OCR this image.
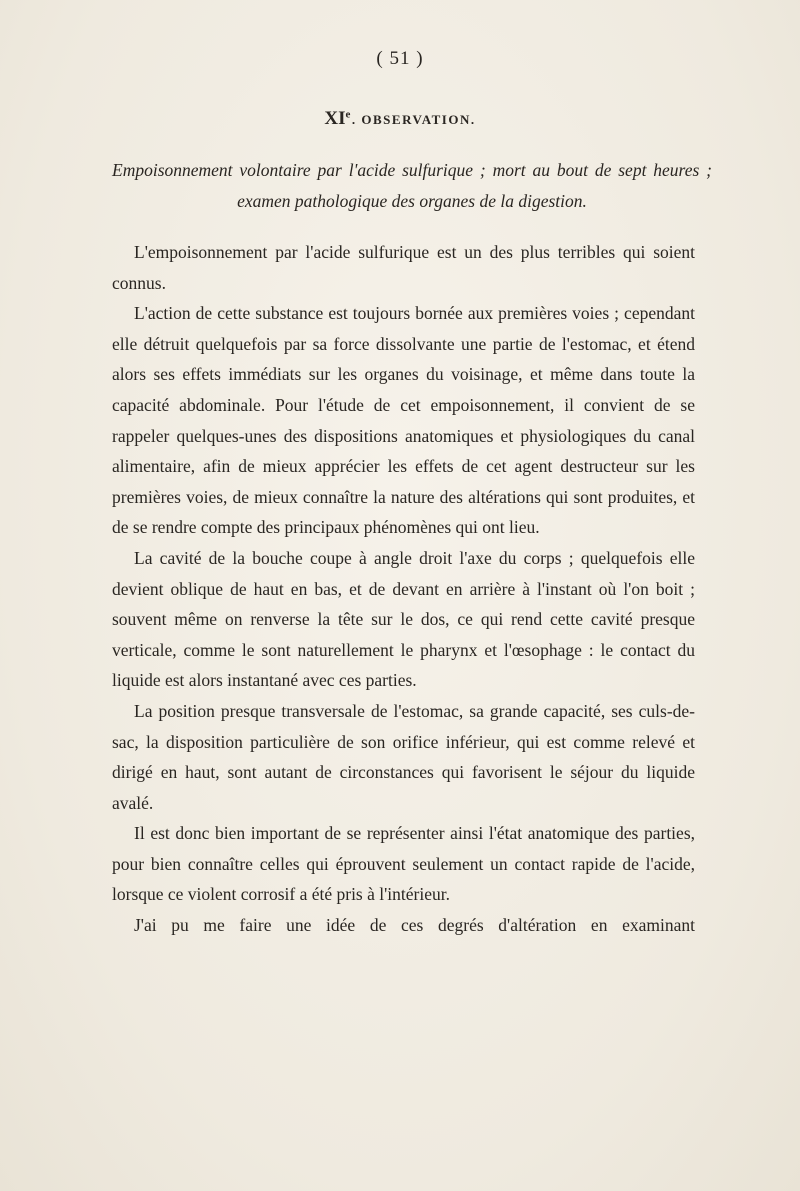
( 51 )
XIe. OBSERVATION.
Empoisonnement volontaire par l'acide sulfurique ; mort au bout de sept heures ; examen pathologique des organes de la digestion.

L'empoisonnement par l'acide sulfurique est un des plus terribles qui soient connus.

L'action de cette substance est toujours bornée aux premières voies ; cependant elle détruit quelquefois par sa force dissolvante une partie de l'estomac, et étend alors ses effets immédiats sur les organes du voisinage, et même dans toute la capacité abdominale. Pour l'étude de cet empoisonnement, il convient de se rappeler quelques-unes des dispositions anatomiques et physiologiques du canal alimentaire, afin de mieux apprécier les effets de cet agent destructeur sur les premières voies, de mieux connaître la nature des altérations qui sont produites, et de se rendre compte des principaux phénomènes qui ont lieu.

La cavité de la bouche coupe à angle droit l'axe du corps ; quelquefois elle devient oblique de haut en bas, et de devant en arrière à l'instant où l'on boit ; souvent même on renverse la tête sur le dos, ce qui rend cette cavité presque verticale, comme le sont naturellement le pharynx et l'œsophage : le contact du liquide est alors instantané avec ces parties.

La position presque transversale de l'estomac, sa grande capacité, ses culs-de-sac, la disposition particulière de son orifice inférieur, qui est comme relevé et dirigé en haut, sont autant de circonstances qui favorisent le séjour du liquide avalé.

Il est donc bien important de se représenter ainsi l'état anatomique des parties, pour bien connaître celles qui éprouvent seulement un contact rapide de l'acide, lorsque ce violent corrosif a été pris à l'intérieur.

J'ai pu me faire une idée de ces degrés d'altération en examinant
